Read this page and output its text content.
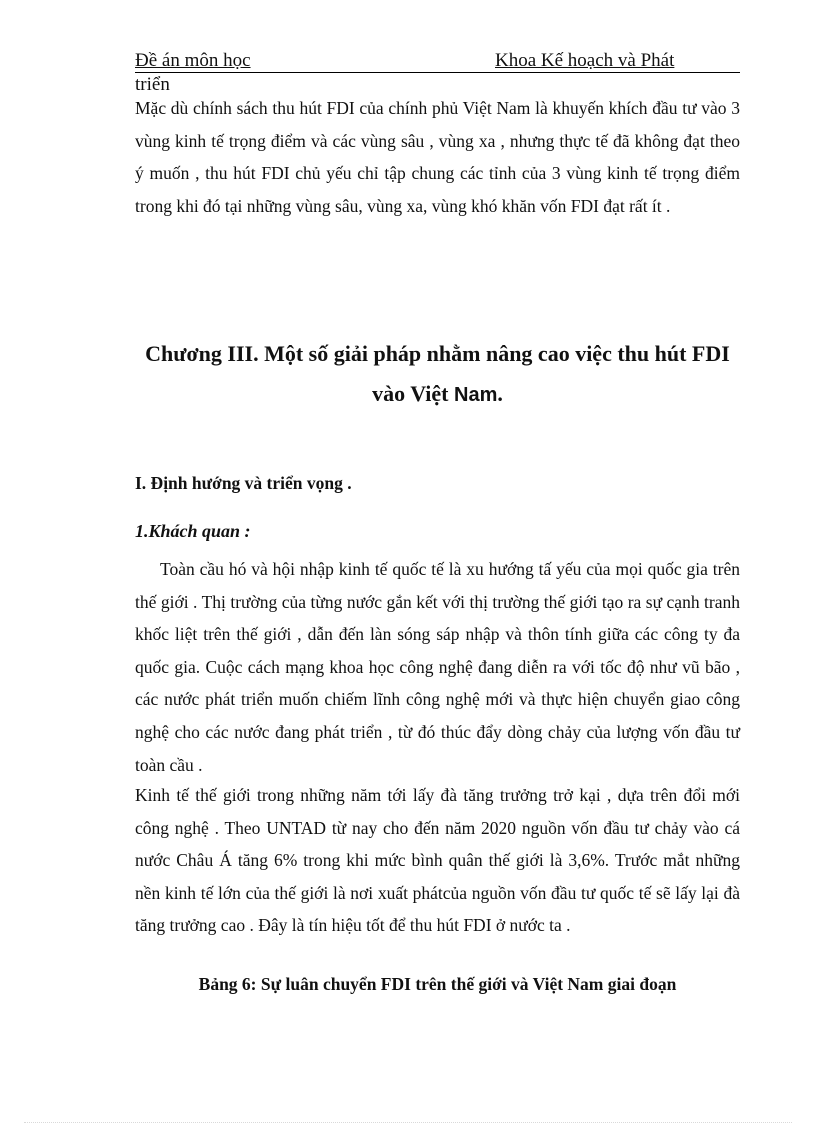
Đề án môn học	Khoa Kế hoạch và Phát
triển

Mặc dù chính sách thu hút FDI của chính phủ Việt Nam là khuyến khích đầu tư vào 3 vùng kinh tế trọng điểm và các vùng sâu , vùng xa , nhưng thực tế đã không đạt theo ý muốn , thu hút FDI chủ yếu chỉ tập chung các tỉnh của 3 vùng kinh tế trọng điểm trong khi đó tại những vùng sâu, vùng xa, vùng khó khăn vốn FDI đạt rất ít .

Chương III. Một số giải pháp nhằm nâng cao việc thu hút FDI vào Việt Nam.
I. Định hướng và triển vọng .
1.Khách quan :

Toàn cầu hó và hội nhập kinh tế quốc tế là xu hướng tấ yếu của mọi quốc gia trên thế giới . Thị trường của từng nước gắn kết với thị trường thế giới tạo ra sự cạnh tranh khốc liệt trên thế giới , dẫn đến làn sóng sáp nhập và thôn tính giữa các công ty đa quốc gia. Cuộc cách mạng khoa học công nghệ đang diễn ra với tốc độ như vũ bão , các nước phát triển muốn chiếm lĩnh công nghệ mới và thực hiện chuyển giao công nghệ cho các nước đang phát triển , từ đó thúc đẩy dòng chảy của lượng vốn đầu tư toàn cầu .

Kinh tế thế giới trong những năm tới lấy đà tăng trưởng trở kại , dựa trên đổi mới công nghệ . Theo UNTAD từ nay cho đến năm 2020 nguồn vốn đầu tư chảy vào cá nước Châu Á tăng 6% trong khi mức bình quân thế giới là 3,6%. Trước mắt những nền kinh tế lớn của thế giới là nơi xuất phátcủa nguồn vốn đầu tư quốc tế sẽ lấy lại đà tăng trưởng cao . Đây là tín hiệu tốt để thu hút FDI ở nước ta .

Bảng 6: Sự luân chuyển FDI trên thế giới và Việt Nam giai đoạn
